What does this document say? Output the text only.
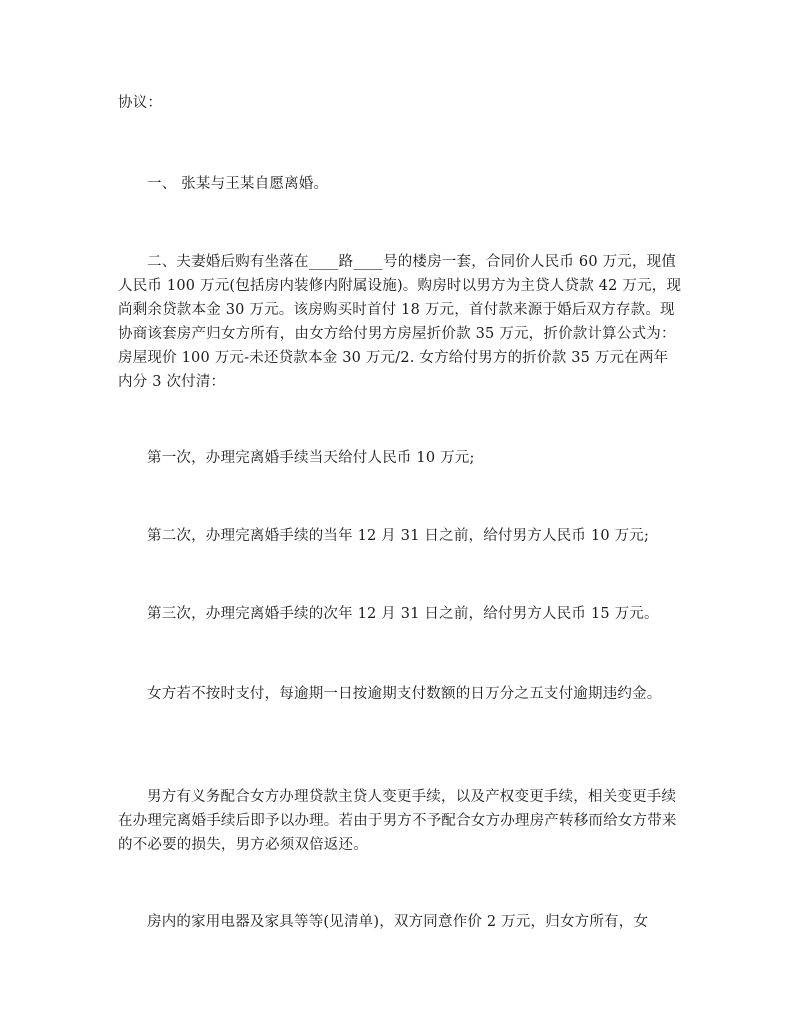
协议：

一、 张某与王某自愿离婚。

二、夫妻婚后购有坐落在____路____号的楼房一套，合同价人民币 60 万元，现值人民币 100 万元(包括房内装修内附属设施)。购房时以男方为主贷人贷款 42 万元，现尚剩余贷款本金 30 万元。该房购买时首付 18 万元，首付款来源于婚后双方存款。现协商该套房产归女方所有，由女方给付男方房屋折价款 35 万元，折价款计算公式为：房屋现价 100 万元-未还贷款本金 30 万元/2. 女方给付男方的折价款 35 万元在两年内分 3 次付清：

第一次，办理完离婚手续当天给付人民币 10 万元;

第二次，办理完离婚手续的当年 12 月 31 日之前，给付男方人民币 10 万元;

第三次，办理完离婚手续的次年 12 月 31 日之前，给付男方人民币 15 万元。

女方若不按时支付，每逾期一日按逾期支付数额的日万分之五支付逾期违约金。

男方有义务配合女方办理贷款主贷人变更手续，以及产权变更手续，相关变更手续在办理完离婚手续后即予以办理。若由于男方不予配合女方办理房产转移而给女方带来的不必要的损失，男方必须双倍返还。

房内的家用电器及家具等等(见清单)，双方同意作价 2 万元，归女方所有，女
